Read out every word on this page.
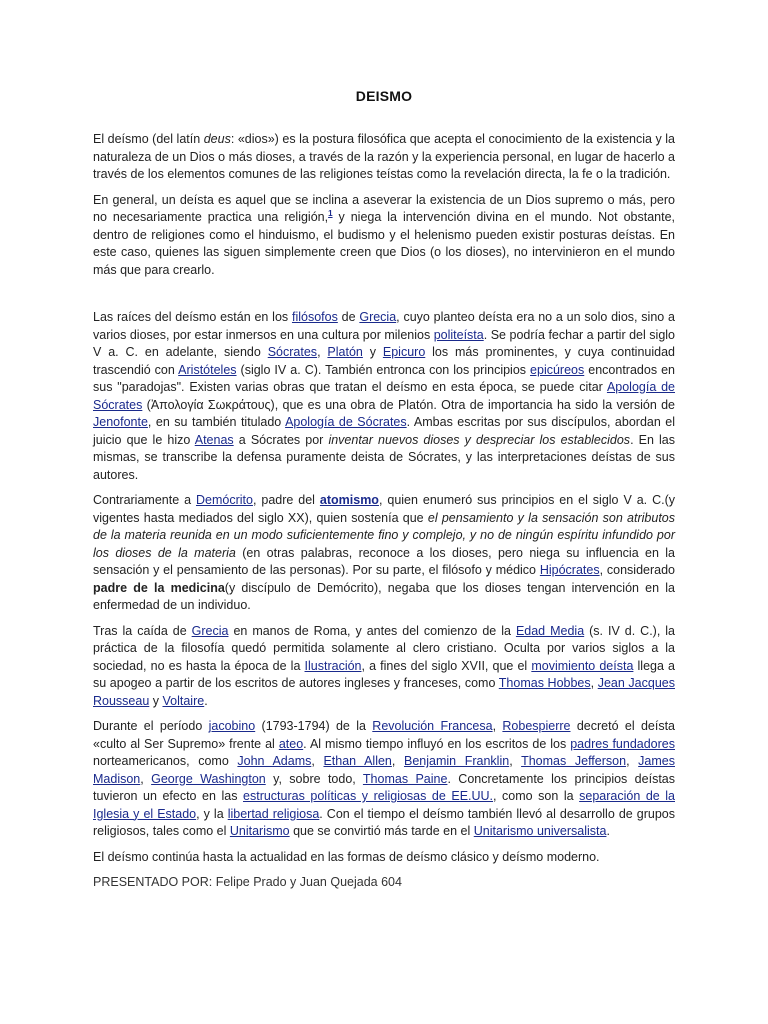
DEISMO

El deísmo (del latín deus: «dios») es la postura filosófica que acepta el conocimiento de la existencia y la naturaleza de un Dios o más dioses, a través de la razón y la experiencia personal, en lugar de hacerlo a través de los elementos comunes de las religiones teístas como la revelación directa, la fe o la tradición.

En general, un deísta es aquel que se inclina a aseverar la existencia de un Dios supremo o más, pero no necesariamente practica una religión,$^1$ y niega la intervención divina en el mundo. Not obstante, dentro de religiones como el hinduismo, el budismo y el helenismo pueden existir posturas deístas. En este caso, quienes las siguen simplemente creen que Dios (o los dioses), no intervinieron en el mundo más que para crearlo.

Las raíces del deísmo están en los filósofos de Grecia, cuyo planteo deísta era no a un solo dios, sino a varios dioses, por estar inmersos en una cultura por milenios politeísta. Se podría fechar a partir del siglo V a. C. en adelante, siendo Sócrates, Platón y Epicuro los más prominentes, y cuya continuidad trascendió con Aristóteles (siglo IV a. C). También entronca con los principios epicúreos encontrados en sus "paradojas". Existen varias obras que tratan el deísmo en esta época, se puede citar Apología de Sócrates (Ἀπολογία Σωκράτους), que es una obra de Platón. Otra de importancia ha sido la versión de Jenofonte, en su también titulado Apología de Sócrates. Ambas escritas por sus discípulos, abordan el juicio que le hizo Atenas a Sócrates por inventar nuevos dioses y despreciar los establecidos. En las mismas, se transcribe la defensa puramente deista de Sócrates, y las interpretaciones deístas de sus autores.

Contrariamente a Demócrito, padre del atomismo, quien enumeró sus principios en el siglo V a. C.(y vigentes hasta mediados del siglo XX), quien sostenía que el pensamiento y la sensación son atributos de la materia reunida en un modo suficientemente fino y complejo, y no de ningún espíritu infundido por los dioses de la materia (en otras palabras, reconoce a los dioses, pero niega su influencia en la sensación y el pensamiento de las personas). Por su parte, el filósofo y médico Hipócrates, considerado padre de la medicina(y discípulo de Demócrito), negaba que los dioses tengan intervención en la enfermedad de un individuo.

Tras la caída de Grecia en manos de Roma, y antes del comienzo de la Edad Media (s. IV d. C.), la práctica de la filosofía quedó permitida solamente al clero cristiano. Oculta por varios siglos a la sociedad, no es hasta la época de la Ilustración, a fines del siglo XVII, que el movimiento deísta llega a su apogeo a partir de los escritos de autores ingleses y franceses, como Thomas Hobbes, Jean Jacques Rousseau y Voltaire.

Durante el período jacobino (1793-1794) de la Revolución Francesa, Robespierre decretó el deísta «culto al Ser Supremo» frente al ateo. Al mismo tiempo influyó en los escritos de los padres fundadores norteamericanos, como John Adams, Ethan Allen, Benjamin Franklin, Thomas Jefferson, James Madison, George Washington y, sobre todo, Thomas Paine. Concretamente los principios deístas tuvieron un efecto en las estructuras políticas y religiosas de EE.UU., como son la separación de la Iglesia y el Estado, y la libertad religiosa. Con el tiempo el deísmo también llevó al desarrollo de grupos religiosos, tales como el Unitarismo que se convirtió más tarde en el Unitarismo universalista.

El deísmo continúa hasta la actualidad en las formas de deísmo clásico y deísmo moderno.

PRESENTADO POR: Felipe Prado y Juan Quejada 604
